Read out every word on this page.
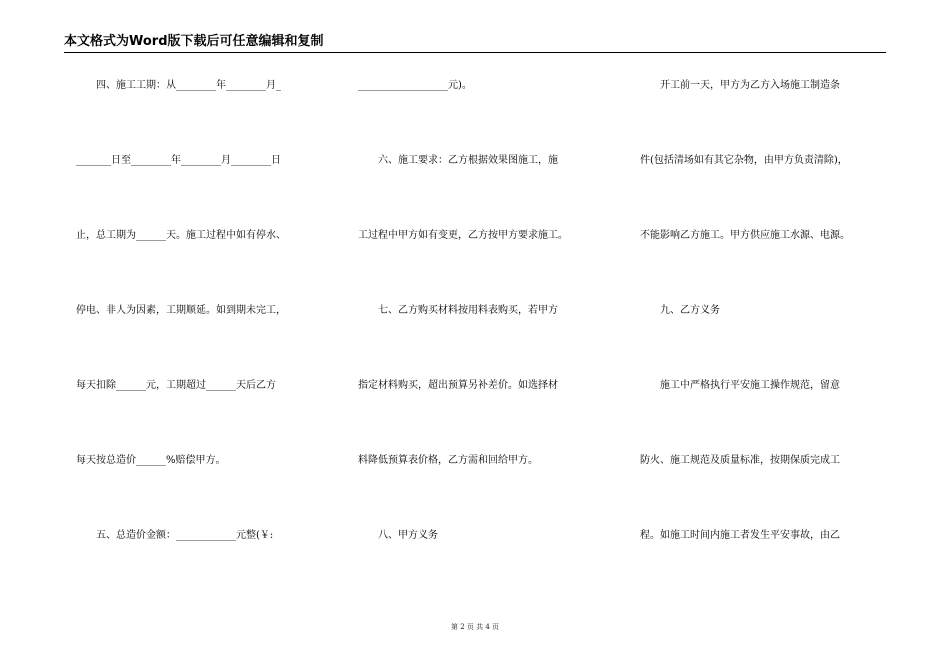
本文格式为Word版下载后可任意编辑和复制
　　四、施工工期：从________年________月_
_______日至________年________月________日
止，总工期为______天。施工过程中如有停水、
停电、非人为因素，工期顺延。如到期未完工，
每天扣除______元，工期超过______天后乙方
每天按总造价______%赔偿甲方。
　　五、总造价金额：____________元整(￥:
__________________元)。
　　六、施工要求：乙方根据效果图施工，施
工过程中甲方如有变更，乙方按甲方要求施工。
　　七、乙方购买材料按用料表购买，若甲方
指定材料购买，超出预算另补差价。如选择材
料降低预算表价格，乙方需和回给甲方。
　　八、甲方义务
　　开工前一天，甲方为乙方入场施工制造条
件(包括清场如有其它杂物，由甲方负责清除)，
不能影响乙方施工。甲方供应施工水源、电源。
　　九、乙方义务
　　施工中严格执行平安施工操作规范，留意
防火、施工规范及质量标准，按期保质完成工
程。如施工时间内施工者发生平安事故，由乙
第 2 页 共 4 页
